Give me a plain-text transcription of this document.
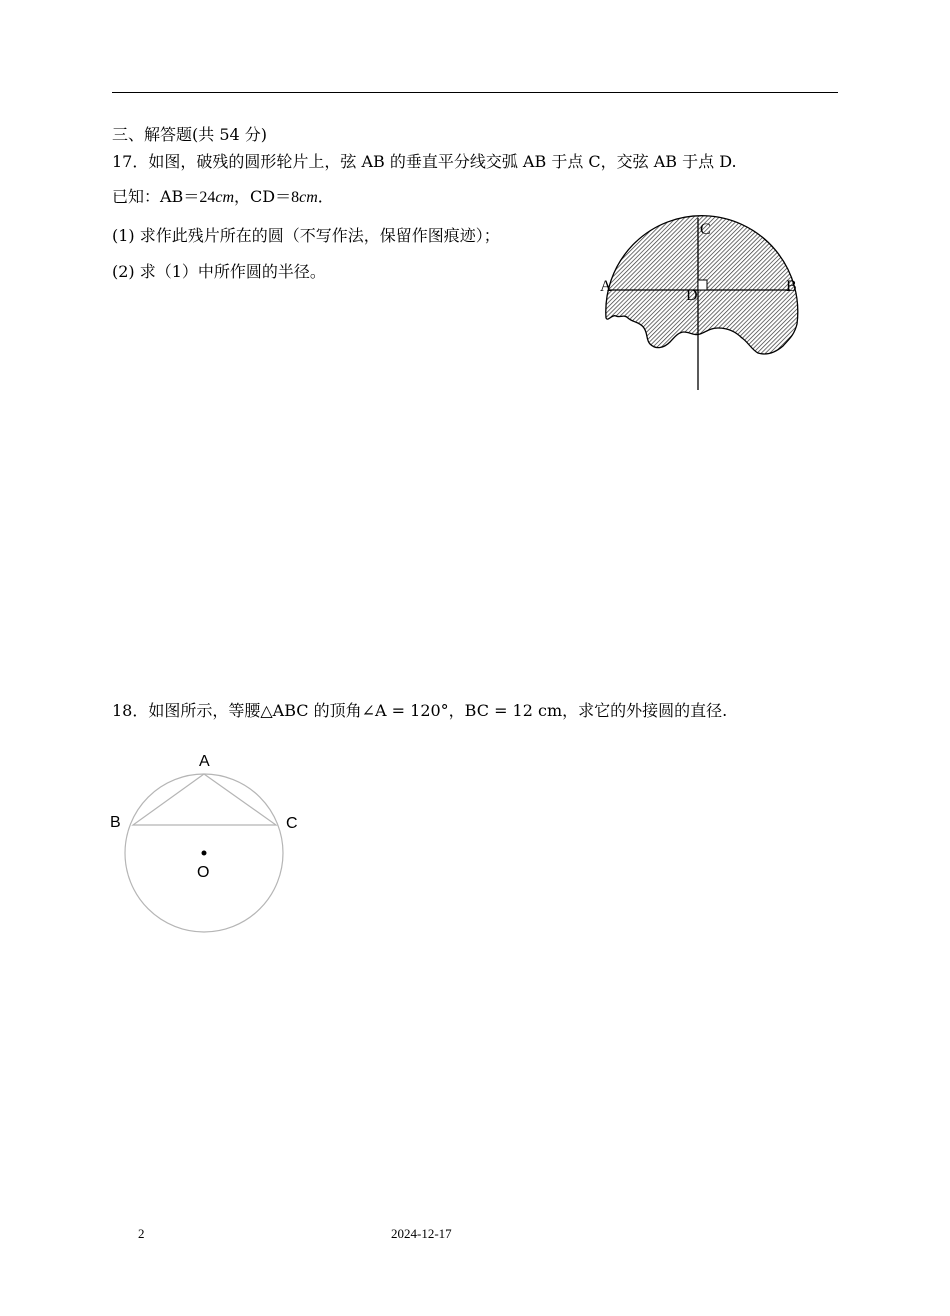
三、解答题(共 54 分)
17．如图，破残的圆形轮片上，弦 AB 的垂直平分线交弧 AB 于点 C，交弦 AB 于点 D.
已知：AB＝24cm，CD＝8cm．
(1) 求作此残片所在的圆（不写作法，保留作图痕迹）；
(2) 求（1）中所作圆的半径。
C
A	B
D
18．如图所示，等腰△ABC 的顶角∠A = 120°，BC = 12 cm，求它的外接圆的直径.
A
B	C
O
2	2024-12-17
